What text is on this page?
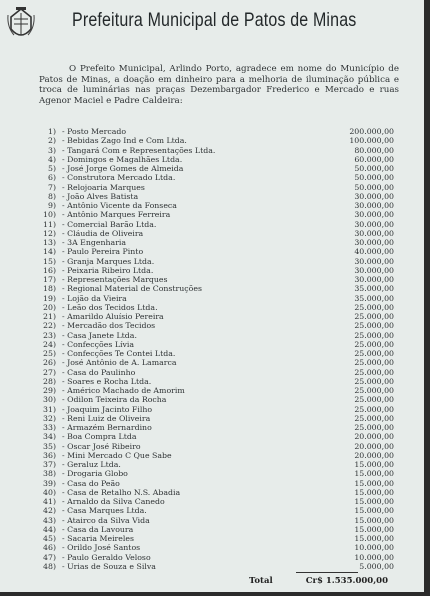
Prefeitura Municipal de Patos de Minas

O Prefeito Municipal, Arlindo Porto, agradece em nome do Município de Patos de Minas, a doação em dinheiro para a melhoria de iluminação pública e troca de luminárias nas praças Dezembargador Frederico e Mercado e ruas Agenor Maciel e Padre Caldeira:

1) - Posto Mercado	200.000,00
2) - Bebidas Zago Ind e Com Ltda.	100.000,00
3) - Tangará Com e Representações Ltda.	80.000,00
4) - Domingos e Magalhães Ltda.	60.000,00
5) - José Jorge Gomes de Almeida	50.000,00
6) - Construtora Mercado Ltda.	50.000,00
7) - Relojoaria Marques	50.000,00
8) - João Alves Batista	30.000,00
9) - Antônio Vicente da Fonseca	30.000,00
10) - Antônio Marques Ferreira	30.000,00
11) - Comercial Barão Ltda.	30.000,00
12) - Cláudia de Oliveira	30.000,00
13) - 3A Engenharia	30.000,00
14) - Paulo Pereira Pinto	40.000,00
15) - Granja Marques Ltda.	30.000,00
16) - Peixaria Ribeiro Ltda.	30.000,00
17) - Representações Marques	30.000,00
18) - Regional Material de Construções	35.000,00
19) - Lojão da Vieira	35.000,00
20) - Leão dos Tecidos Ltda.	25.000,00
21) - Amarildo Aluísio Pereira	25.000,00
22) - Mercadão dos Tecidos	25.000,00
23) - Casa Janete Ltda.	25.000,00
24) - Confecções Lívia	25.000,00
25) - Confecções Te Contei Ltda.	25.000,00
26) - José Antônio de A. Lamarca	25.000,00
27) - Casa do Paulinho	25.000,00
28) - Soares e Rocha Ltda.	25.000,00
29) - Américo Machado de Amorim	25.000,00
30) - Odilon Teixeira da Rocha	25.000,00
31) - Joaquim Jacinto Filho	25.000,00
32) - Reni Luiz de Oliveira	25.000,00
33) - Armazém Bernardino	25.000,00
34) - Boa Compra Ltda	20.000,00
35) - Oscar José Ribeiro	20.000,00
36) - Mini Mercado C Que Sabe	20.000,00
37) - Geraluz Ltda.	15.000,00
38) - Drogaria Globo	15.000,00
39) - Casa do Peão	15.000,00
40) - Casa de Retalho N.S. Abadia	15.000,00
41) - Arnaldo da Silva Canedo	15.000,00
42) - Casa Marques Ltda.	15.000,00
43) - Atairco da Silva Vida	15.000,00
44) - Casa da Lavoura	15.000,00
45) - Sacaria Meireles	15.000,00
46) - Orildo José Santos	10.000,00
47) - Paulo Geraldo Veloso	10.000,00
48) - Urias de Souza e Silva	5.000,00
Total	Cr$ 1.535.000,00
